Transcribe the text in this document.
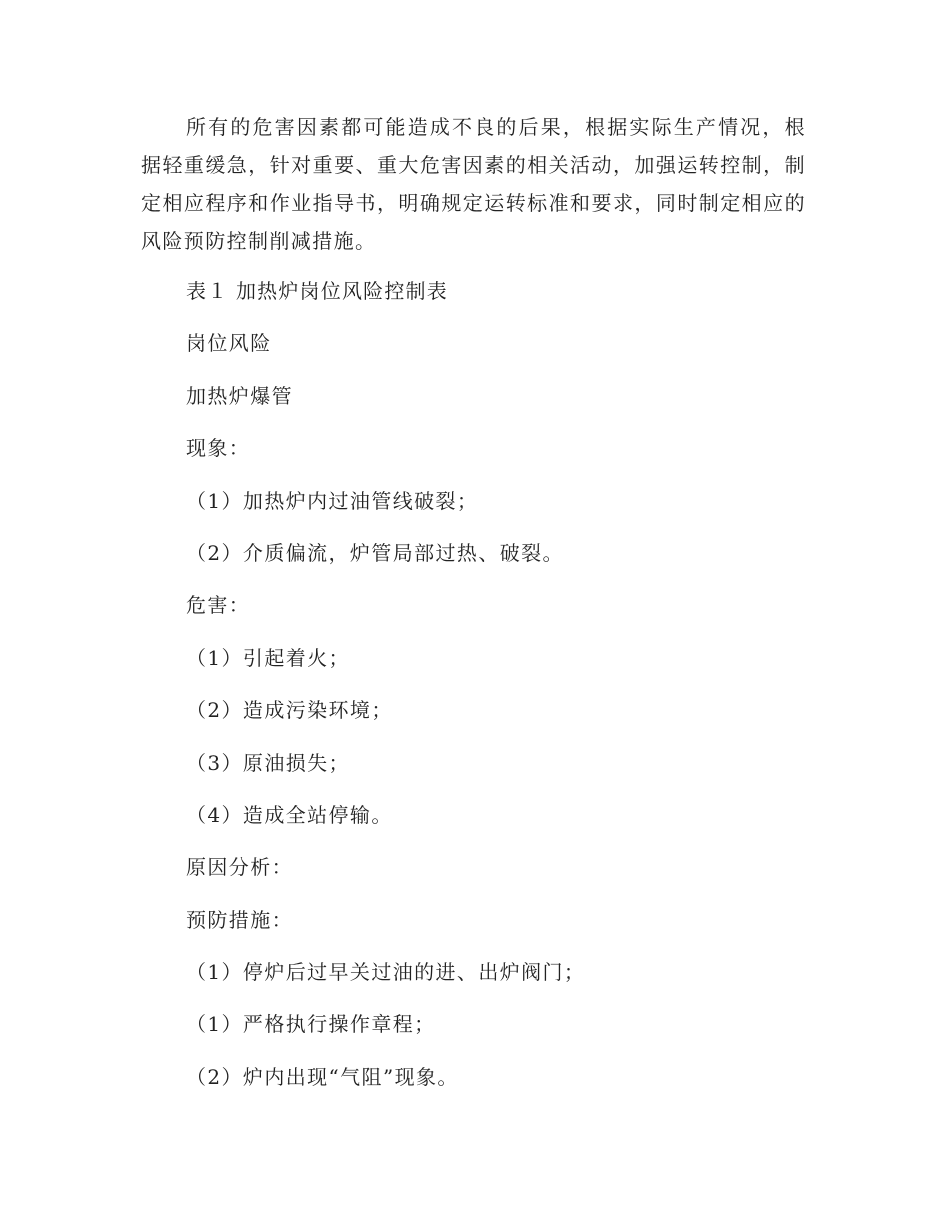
所有的危害因素都可能造成不良的后果，根据实际生产情况，根据轻重缓急，针对重要、重大危害因素的相关活动，加强运转控制，制定相应程序和作业指导书，明确规定运转标准和要求，同时制定相应的风险预防控制削减措施。

表１ 加热炉岗位风险控制表
岗位风险
加热炉爆管
现象：
（1）加热炉内过油管线破裂；
（2）介质偏流，炉管局部过热、破裂。
危害：
（1）引起着火；
（2）造成污染环境；
（3）原油损失；
（4）造成全站停输。
原因分析：
预防措施：
（1）停炉后过早关过油的进、出炉阀门；
（1）严格执行操作章程；
（2）炉内出现“气阻”现象。
